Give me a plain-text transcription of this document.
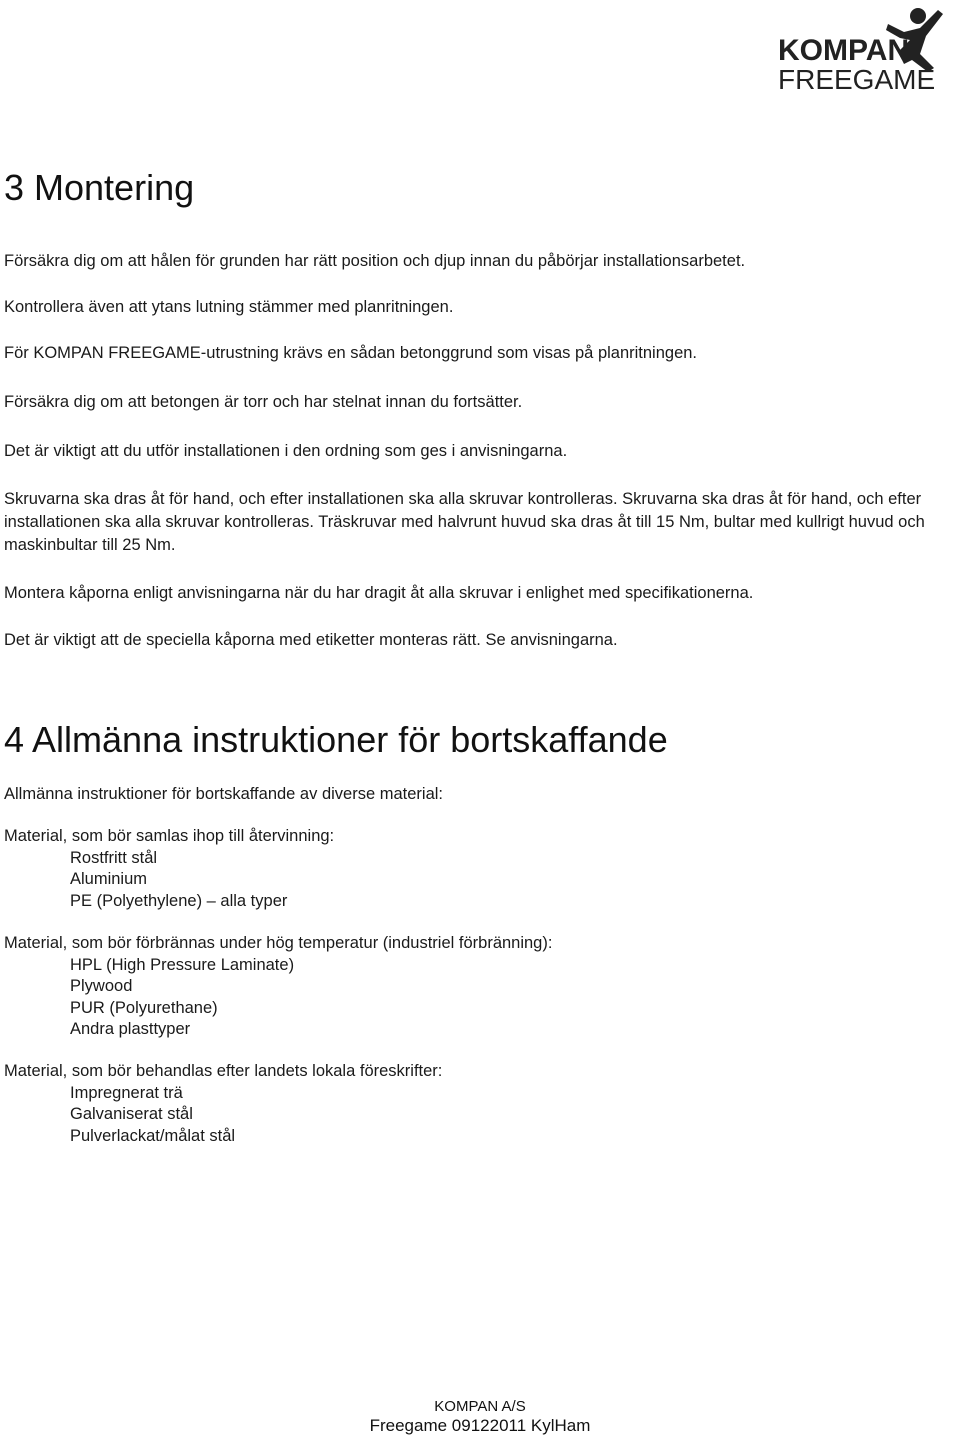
KOMPAN
FREEGAME
3 Montering

Försäkra dig om att hålen för grunden har rätt position och djup innan du påbörjar installationsarbetet.

Kontrollera även att ytans lutning stämmer med planritningen.

För KOMPAN FREEGAME-utrustning krävs en sådan betonggrund som visas på planritningen.

Försäkra dig om att betongen är torr och har stelnat innan du fortsätter.

Det är viktigt att du utför installationen i den ordning som ges i anvisningarna.

Skruvarna ska dras åt för hand, och efter installationen ska alla skruvar kontrolleras. Skruvarna ska dras åt för hand, och efter installationen ska alla skruvar kontrolleras. Träskruvar med halvrunt huvud ska dras åt till 15 Nm, bultar med kullrigt huvud och maskinbultar till 25 Nm.

Montera kåporna enligt anvisningarna när du har dragit åt alla skruvar i enlighet med specifikationerna.

Det är viktigt att de speciella kåporna med etiketter monteras rätt. Se anvisningarna.

4 Allmänna instruktioner för bortskaffande

Allmänna instruktioner för bortskaffande av diverse material:

Material, som bör samlas ihop till återvinning:

Rostfritt stål

Aluminium

PE (Polyethylene) – alla typer

Material, som bör förbrännas under hög temperatur (industriel förbränning):

HPL (High Pressure Laminate)

Plywood

PUR (Polyurethane)

Andra plasttyper

Material, som bör behandlas efter landets lokala föreskrifter:

Impregnerat trä

Galvaniserat stål

Pulverlackat/målat stål

KOMPAN A/S
Freegame 09122011 KylHam
